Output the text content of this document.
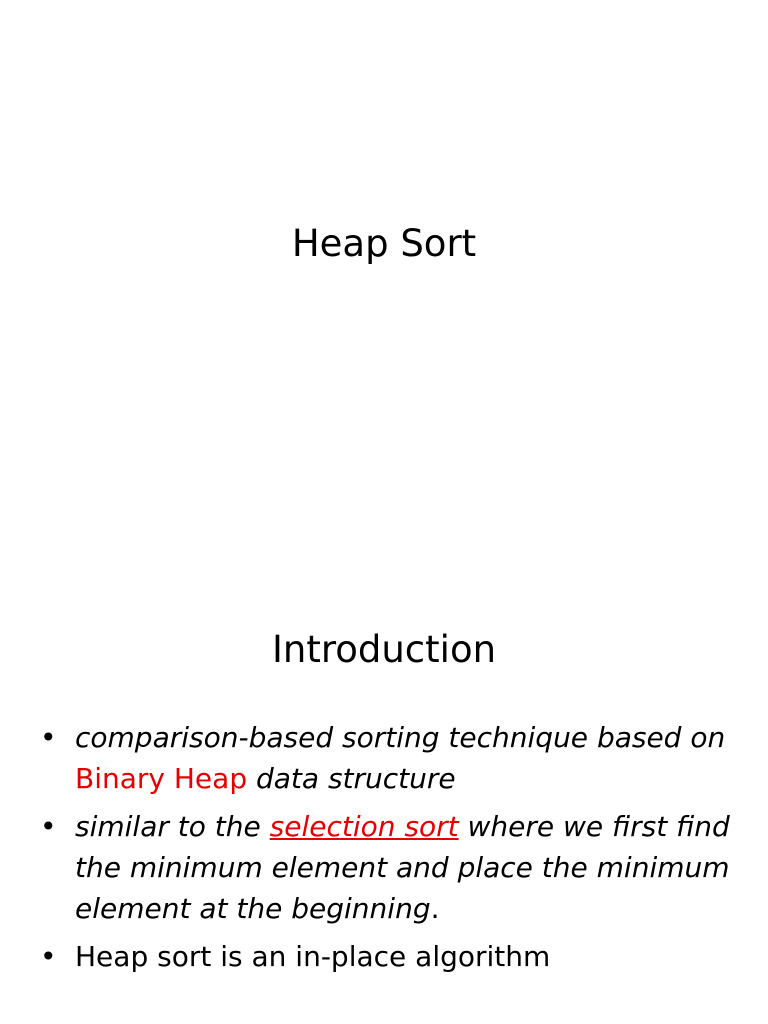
Heap Sort
Introduction
• comparison-based sorting technique based on Binary Heap data structure
• similar to the selection sort where we first find the minimum element and place the minimum element at the beginning.
• Heap sort is an in-place algorithm
